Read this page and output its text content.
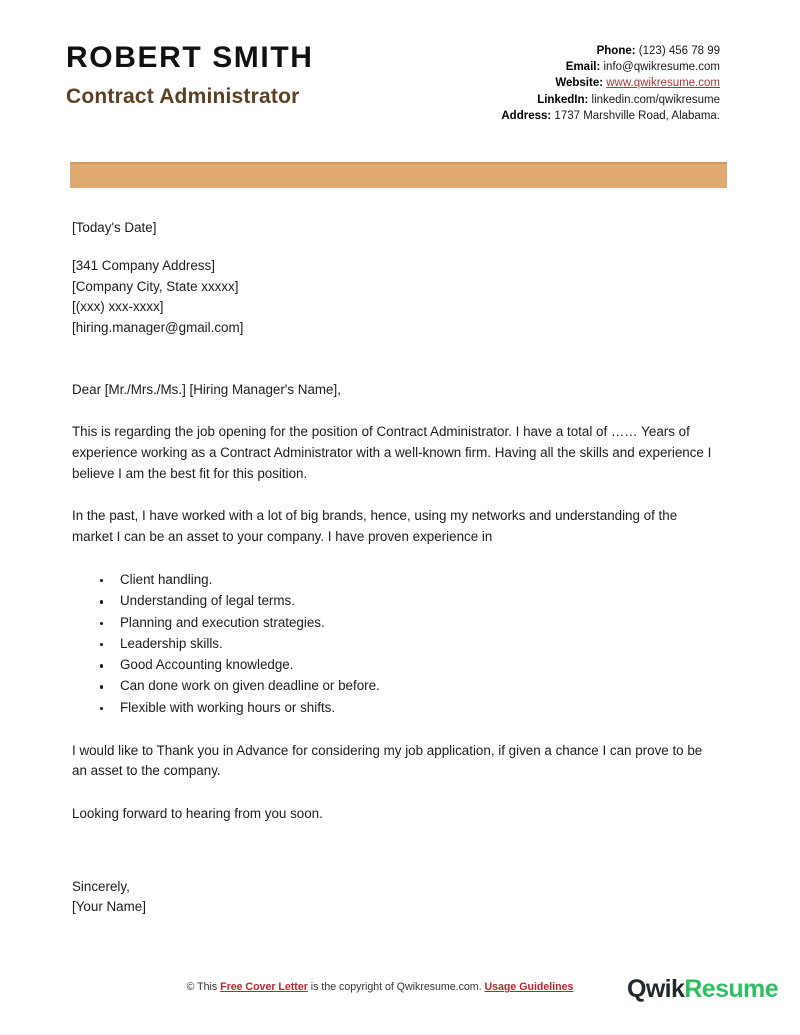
ROBERT SMITH
Contract Administrator
Phone: (123) 456 78 99
Email: info@qwikresume.com
Website: www.qwikresume.com
LinkedIn: linkedin.com/qwikresume
Address: 1737 Marshville Road, Alabama.
[Today's Date]
[341 Company Address]
[Company City, State xxxxx]
[(xxx) xxx-xxxx]
[hiring.manager@gmail.com]
Dear [Mr./Mrs./Ms.] [Hiring Manager's Name],

This is regarding the job opening for the position of Contract Administrator. I have a total of …… Years of experience working as a Contract Administrator with a well-known firm. Having all the skills and experience I believe I am the best fit for this position.

In the past, I have worked with a lot of big brands, hence, using my networks and understanding of the market I can be an asset to your company. I have proven experience in

Client handling.
Understanding of legal terms.
Planning and execution strategies.
Leadership skills.
Good Accounting knowledge.
Can done work on given deadline or before.
Flexible with working hours or shifts.

I would like to Thank you in Advance for considering my job application, if given a chance I can prove to be an asset to the company.

Looking forward to hearing from you soon.

Sincerely,
[Your Name]
© This Free Cover Letter is the copyright of Qwikresume.com. Usage Guidelines	QwikResume
